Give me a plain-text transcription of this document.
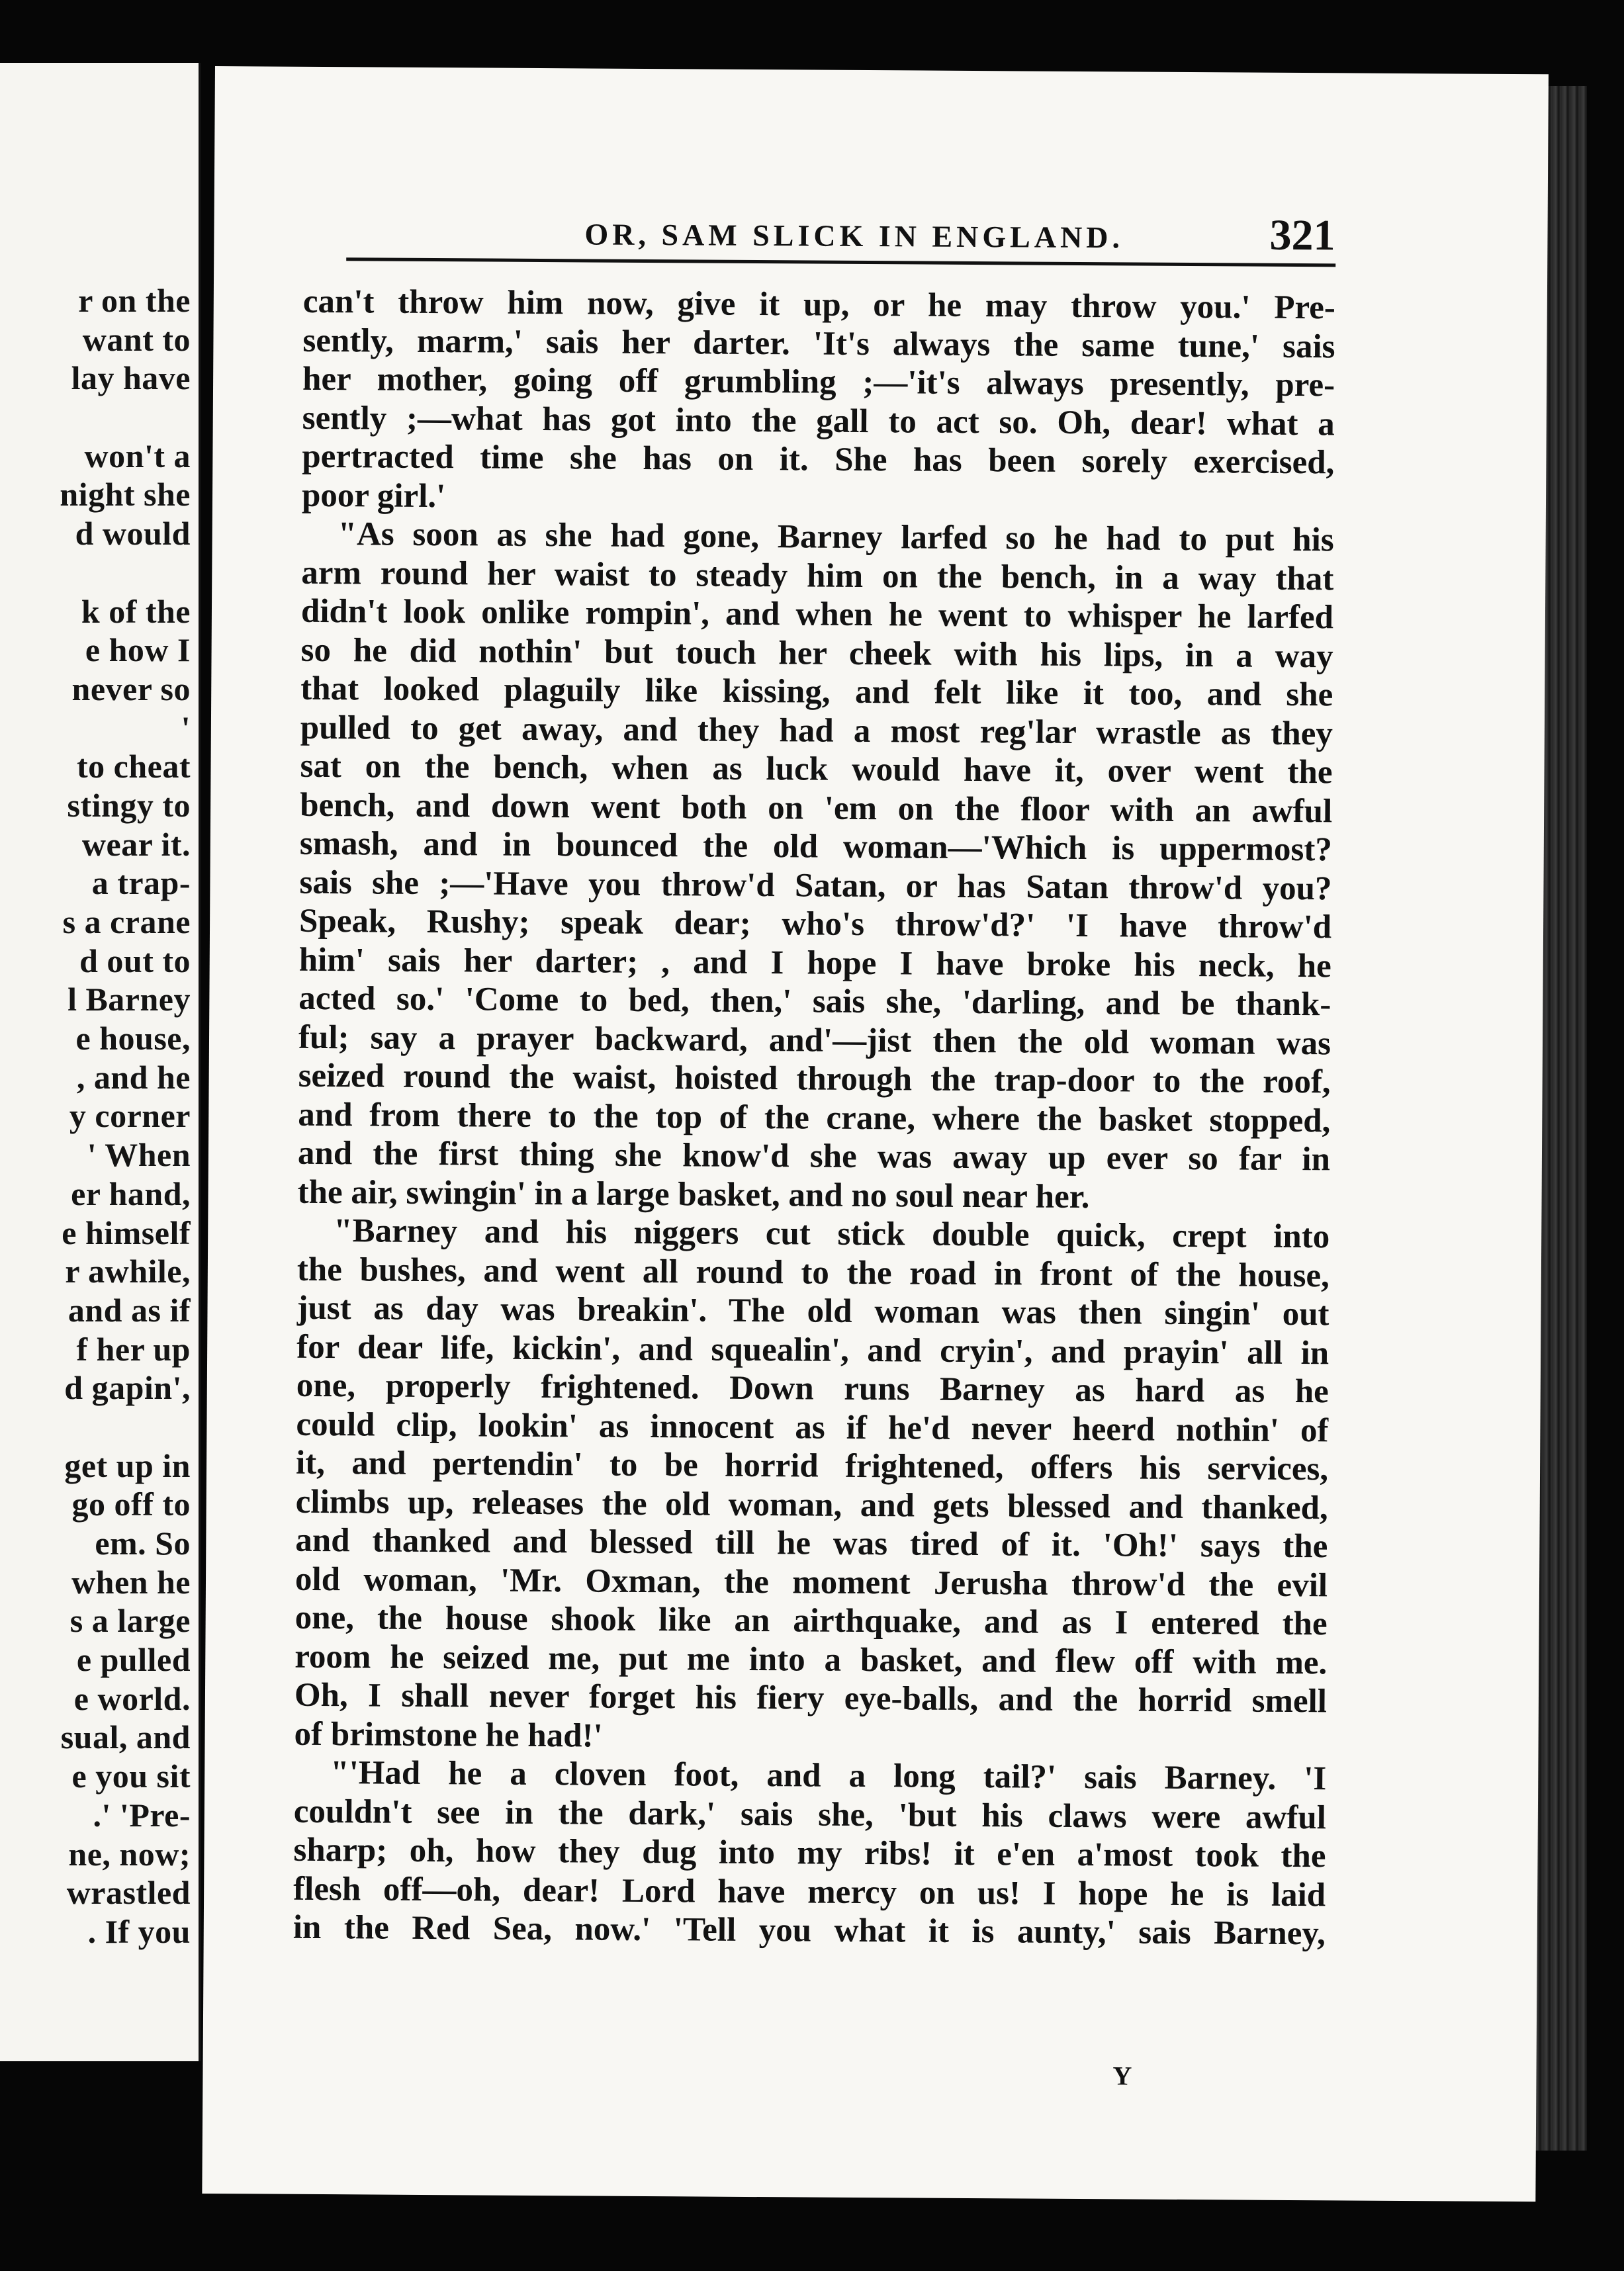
r on the
want to
lay have
won't a
night she
d would
k of the
e how I
never so
'
to cheat
stingy to
wear it.
a trap-
s a crane
d out to
l Barney
e house,
, and he
y corner
' When
er hand,
e himself
r awhile,
and as if
f her up
d gapin',
get up in
go off to
em. So
when he
s a large
e pulled
e world.
sual, and
e you sit
.' 'Pre-
ne, now;
wrastled
. If you
OR, SAM SLICK IN ENGLAND.	321
can't throw him now, give it up, or he may throw you.' Pre-
sently, marm,' sais her darter. 'It's always the same tune,' sais
her mother, going off grumbling ;—'it's always presently, pre-
sently ;—what has got into the gall to act so. Oh, dear! what a
pertracted time she has on it. She has been sorely exercised,
poor girl.'
"As soon as she had gone, Barney larfed so he had to put his
arm round her waist to steady him on the bench, in a way that
didn't look onlike rompin', and when he went to whisper he larfed
so he did nothin' but touch her cheek with his lips, in a way
that looked plaguily like kissing, and felt like it too, and she
pulled to get away, and they had a most reg'lar wrastle as they
sat on the bench, when as luck would have it, over went the
bench, and down went both on 'em on the floor with an awful
smash, and in bounced the old woman—'Which is uppermost?
sais she ;—'Have you throw'd Satan, or has Satan throw'd you?
Speak, Rushy; speak dear; who's throw'd?' 'I have throw'd
him' sais her darter; , and I hope I have broke his neck, he
acted so.' 'Come to bed, then,' sais she, 'darling, and be thank-
ful; say a prayer backward, and'—jist then the old woman was
seized round the waist, hoisted through the trap-door to the roof,
and from there to the top of the crane, where the basket stopped,
and the first thing she know'd she was away up ever so far in
the air, swingin' in a large basket, and no soul near her.
"Barney and his niggers cut stick double quick, crept into
the bushes, and went all round to the road in front of the house,
just as day was breakin'. The old woman was then singin' out
for dear life, kickin', and squealin', and cryin', and prayin' all in
one, properly frightened. Down runs Barney as hard as he
could clip, lookin' as innocent as if he'd never heerd nothin' of
it, and pertendin' to be horrid frightened, offers his services,
climbs up, releases the old woman, and gets blessed and thanked,
and thanked and blessed till he was tired of it. 'Oh!' says the
old woman, 'Mr. Oxman, the moment Jerusha throw'd the evil
one, the house shook like an airthquake, and as I entered the
room he seized me, put me into a basket, and flew off with me.
Oh, I shall never forget his fiery eye-balls, and the horrid smell
of brimstone he had!'
"'Had he a cloven foot, and a long tail?' sais Barney. 'I
couldn't see in the dark,' sais she, 'but his claws were awful
sharp; oh, how they dug into my ribs! it e'en a'most took the
flesh off—oh, dear! Lord have mercy on us! I hope he is laid
in the Red Sea, now.' 'Tell you what it is aunty,' sais Barney,
Y
